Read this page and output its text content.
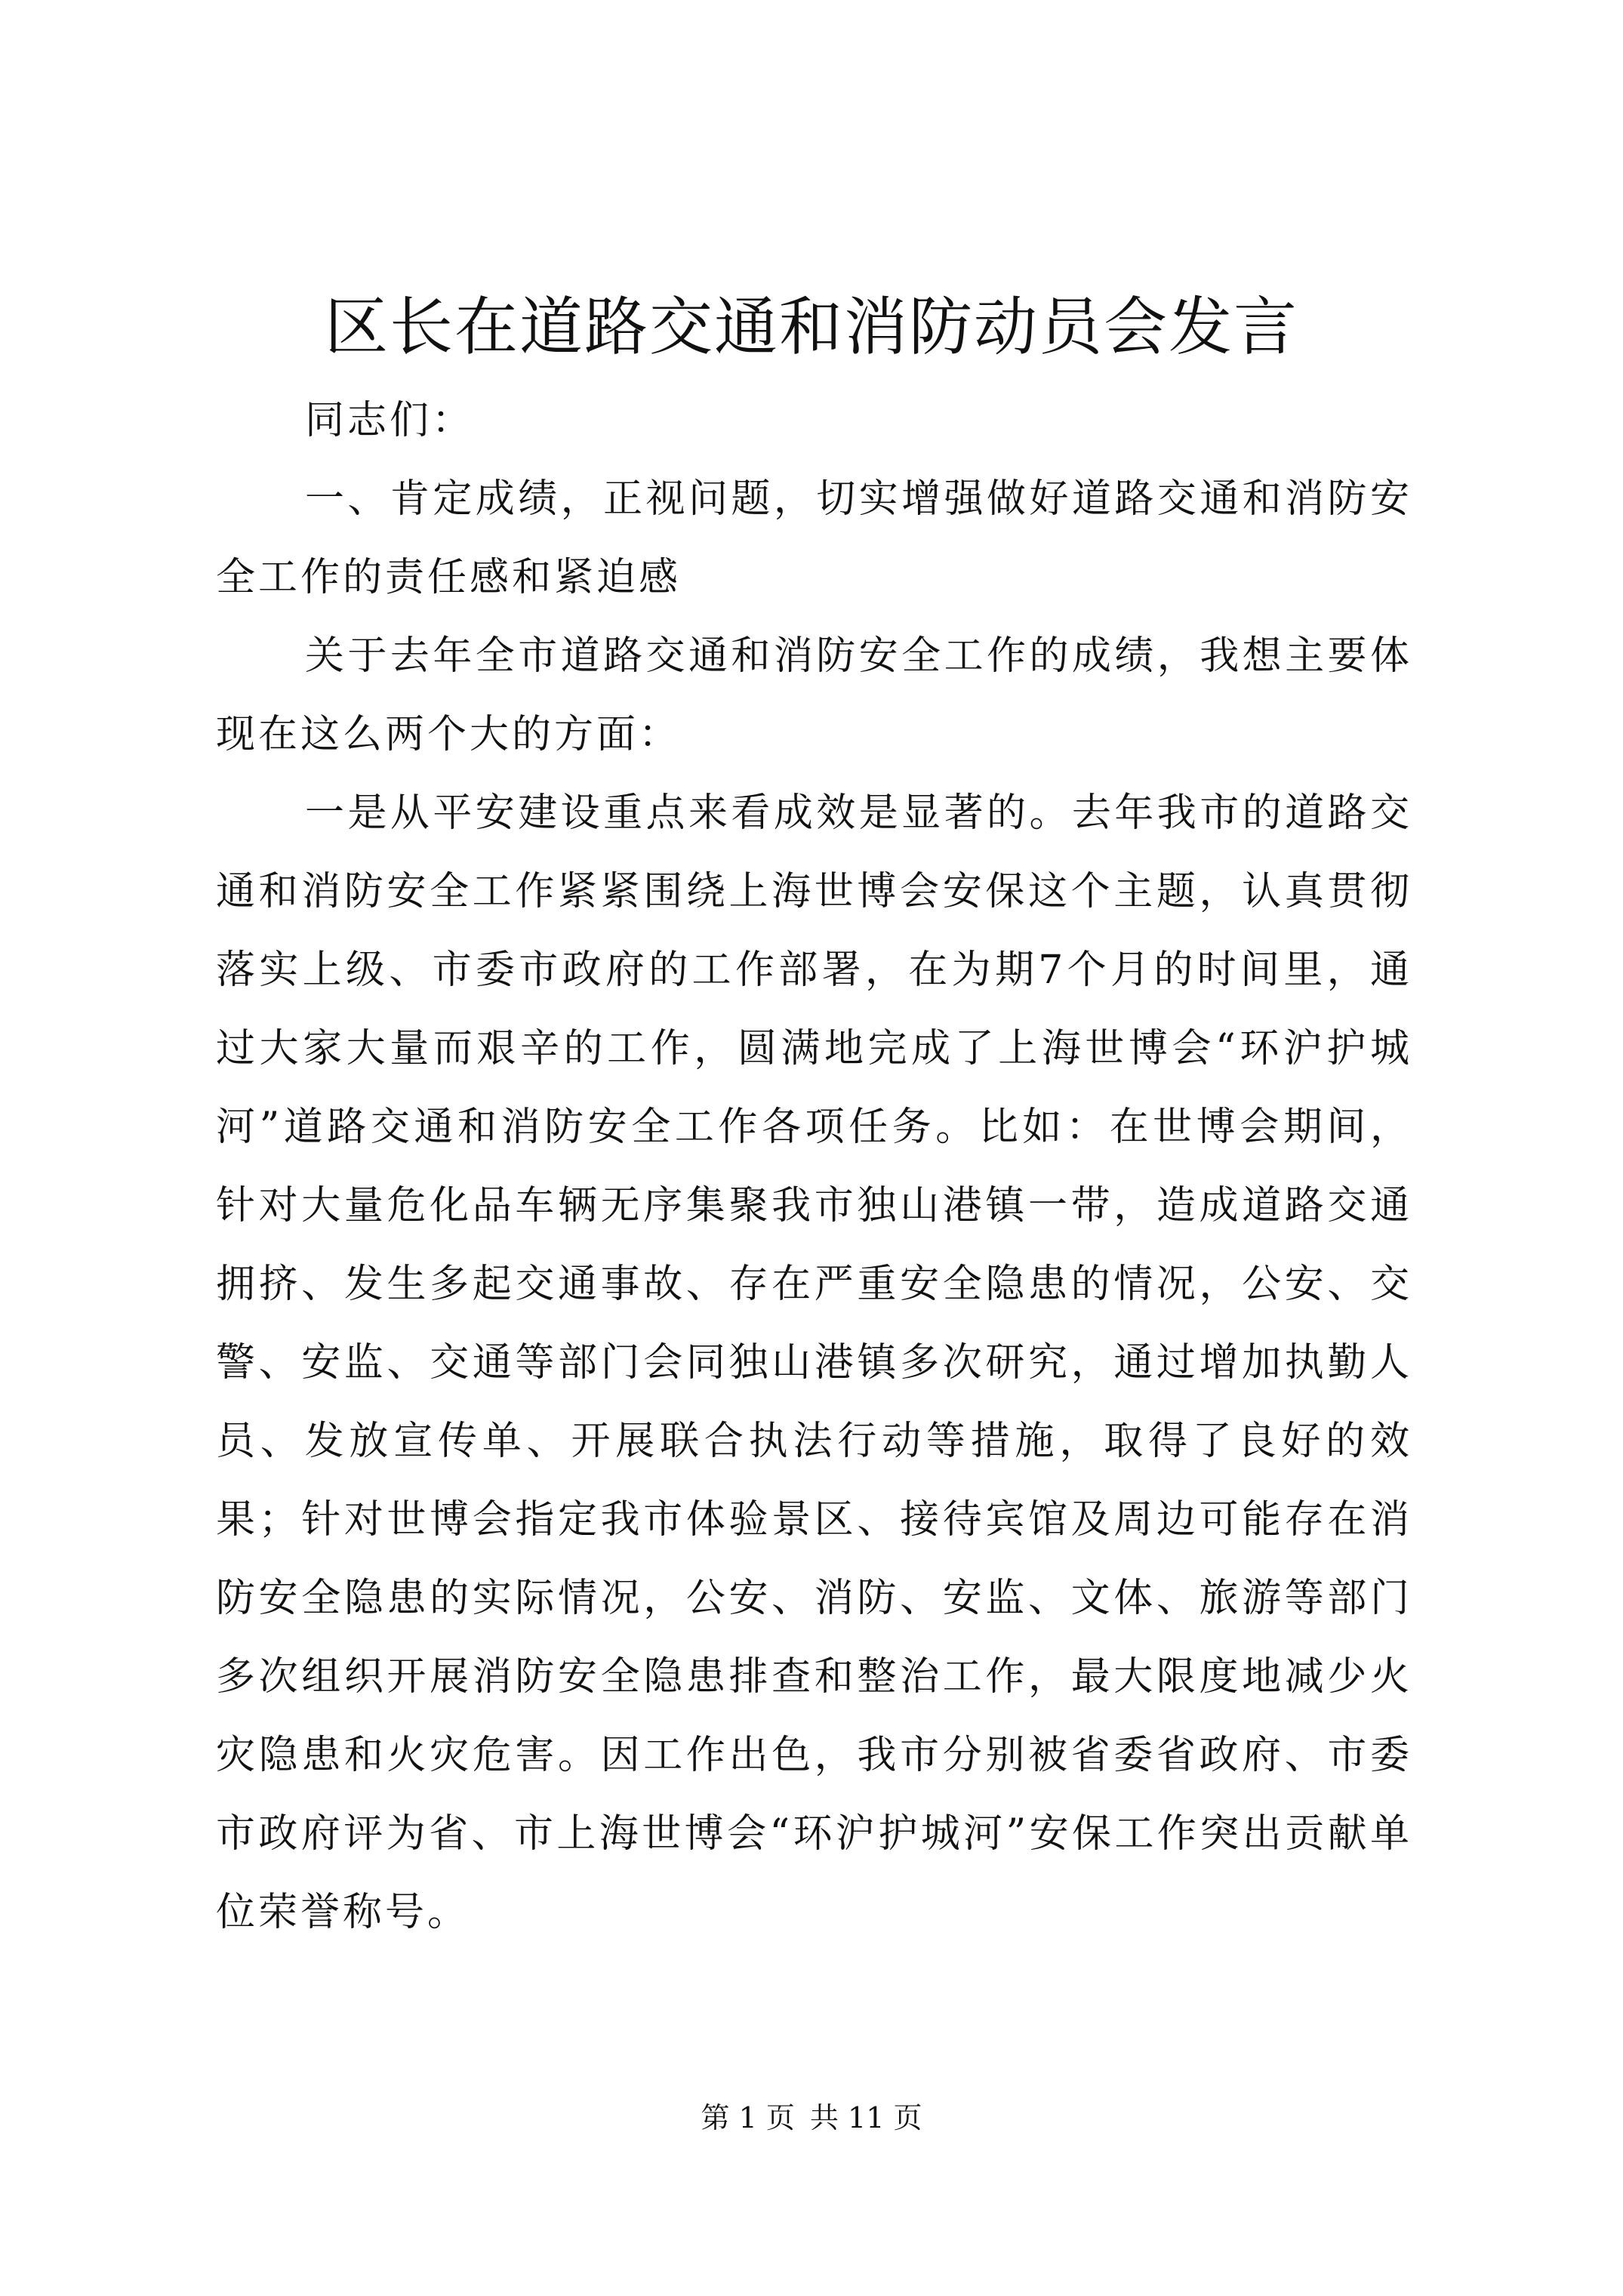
区长在道路交通和消防动员会发言

同志们：

一、肯定成绩，正视问题，切实增强做好道路交通和消防安全工作的责任感和紧迫感

关于去年全市道路交通和消防安全工作的成绩，我想主要体现在这么两个大的方面：

一是从平安建设重点来看成效是显著的。去年我市的道路交通和消防安全工作紧紧围绕上海世博会安保这个主题，认真贯彻落实上级、市委市政府的工作部署，在为期7个月的时间里，通过大家大量而艰辛的工作，圆满地完成了上海世博会“环沪护城河”道路交通和消防安全工作各项任务。比如：在世博会期间，针对大量危化品车辆无序集聚我市独山港镇一带，造成道路交通拥挤、发生多起交通事故、存在严重安全隐患的情况，公安、交警、安监、交通等部门会同独山港镇多次研究，通过增加执勤人员、发放宣传单、开展联合执法行动等措施，取得了良好的效果；针对世博会指定我市体验景区、接待宾馆及周边可能存在消防安全隐患的实际情况，公安、消防、安监、文体、旅游等部门多次组织开展消防安全隐患排查和整治工作，最大限度地减少火灾隐患和火灾危害。因工作出色，我市分别被省委省政府、市委市政府评为省、市上海世博会“环沪护城河”安保工作突出贡献单位荣誉称号。

第 1 页 共 11 页
